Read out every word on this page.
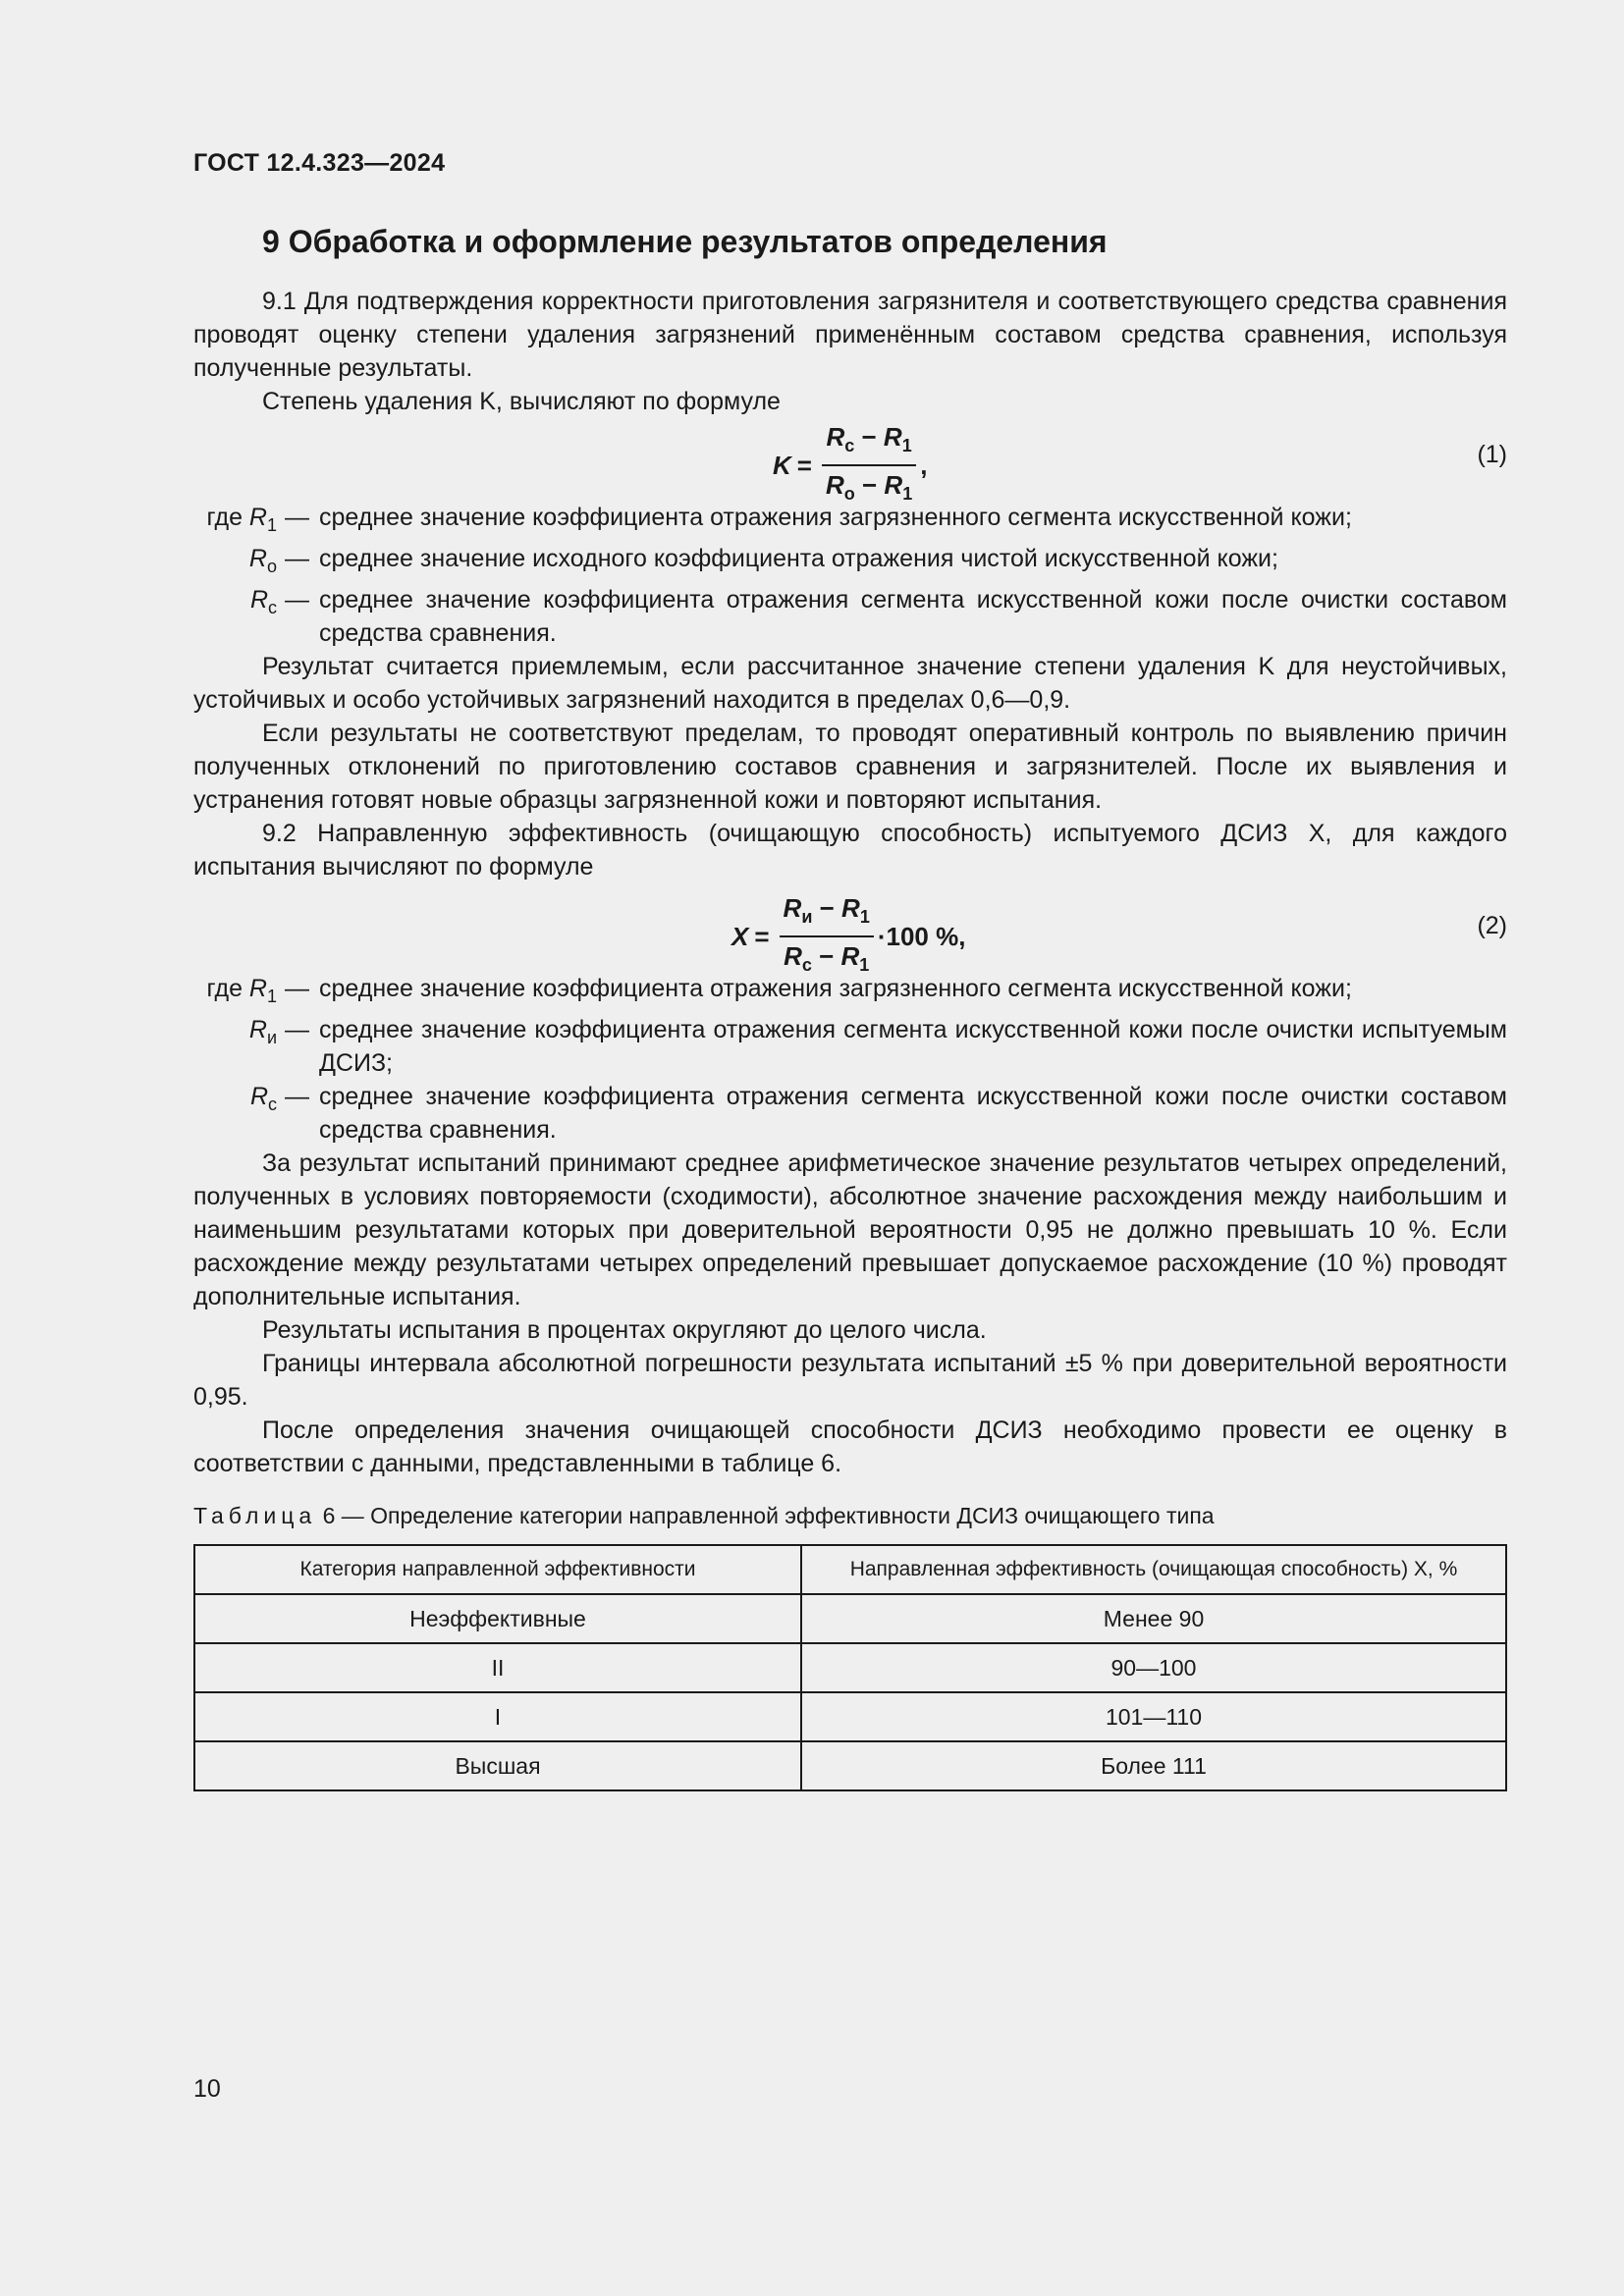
ГОСТ 12.4.323—2024
9 Обработка и оформление результатов определения

9.1 Для подтверждения корректности приготовления загрязнителя и соответствующего средства сравнения проводят оценку степени удаления загрязнений применённым составом средства сравнения, используя полученные результаты.

Степень удаления K, вычисляют по формуле

$K = \frac{R_c - R_1}{R_o - R_1}$ ,	(1)
где $R_1$ — среднее значение коэффициента отражения загрязненного сегмента искусственной кожи;
$R_o$ — среднее значение исходного коэффициента отражения чистой искусственной кожи;
$R_c$ — среднее значение коэффициента отражения сегмента искусственной кожи после очистки составом средства сравнения.

Результат считается приемлемым, если рассчитанное значение степени удаления K для неустойчивых, устойчивых и особо устойчивых загрязнений находится в пределах 0,6—0,9.

Если результаты не соответствуют пределам, то проводят оперативный контроль по выявлению причин полученных отклонений по приготовлению составов сравнения и загрязнителей. После их выявления и устранения готовят новые образцы загрязненной кожи и повторяют испытания.

9.2 Направленную эффективность (очищающую способность) испытуемого ДСИЗ X, для каждого испытания вычисляют по формуле

$X = \frac{R_и - R_1}{R_c - R_1} \cdot 100$ %,	(2)
где $R_1$ — среднее значение коэффициента отражения загрязненного сегмента искусственной кожи;
$R_и$ — среднее значение коэффициента отражения сегмента искусственной кожи после очистки испытуемым ДСИЗ;
$R_c$ — среднее значение коэффициента отражения сегмента искусственной кожи после очистки составом средства сравнения.

За результат испытаний принимают среднее арифметическое значение результатов четырех определений, полученных в условиях повторяемости (сходимости), абсолютное значение расхождения между наибольшим и наименьшим результатами которых при доверительной вероятности 0,95 не должно превышать 10 %. Если расхождение между результатами четырех определений превышает допускаемое расхождение (10 %) проводят дополнительные испытания.

Результаты испытания в процентах округляют до целого числа.

Границы интервала абсолютной погрешности результата испытаний ±5 % при доверительной вероятности 0,95.

После определения значения очищающей способности ДСИЗ необходимо провести ее оценку в соответствии с данными, представленными в таблице 6.

Таблица 6 — Определение категории направленной эффективности ДСИЗ очищающего типа
Категория направленной эффективности	Направленная эффективность (очищающая способность) X, %
Неэффективные	Менее 90
II	90—100
I	101—110
Высшая	Более 111
10
